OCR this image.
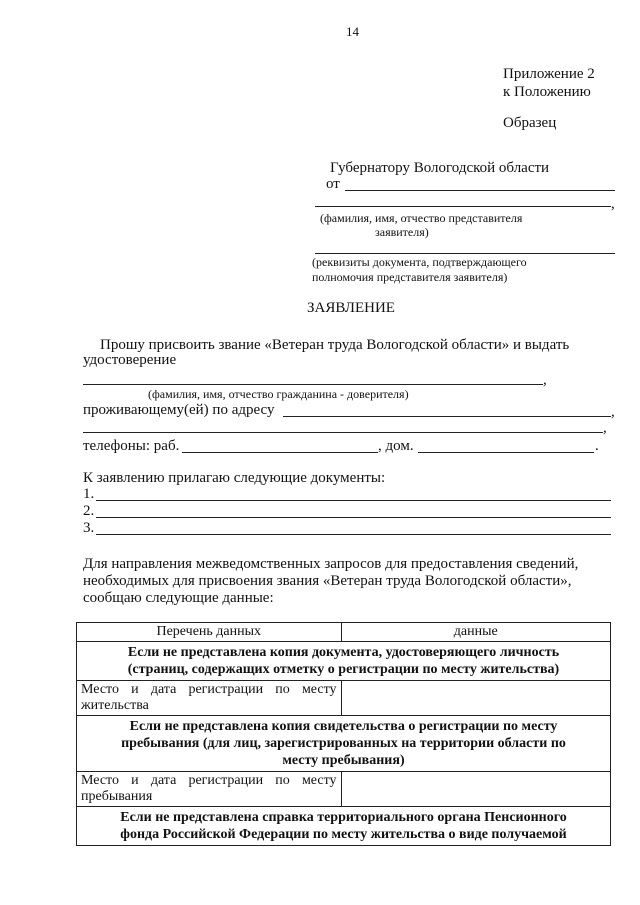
14
Приложение 2
к Положению
Образец
Губернатору Вологодской области
от
,
(фамилия, имя, отчество представителя
заявителя)
(реквизиты документа, подтверждающего
полномочия представителя заявителя)
ЗАЯВЛЕНИЕ
Прошу присвоить звание «Ветеран труда Вологодской области» и выдать
удостоверение
,
(фамилия, имя, отчество гражданина - доверителя)
проживающему(ей) по адресу	,
,
телефоны: раб.	, дом.	.
К заявлению прилагаю следующие документы:
1.
2.
3.
Для направления межведомственных запросов для предоставления сведений,
необходимых для присвоения звания «Ветеран труда Вологодской области»,
сообщаю следующие данные:
Перечень данных	данные

Если не представлена копия документа, удостоверяющего личность
(страниц, содержащих отметку о регистрации по месту жительства)	

Место и дата регистрации по месту
жительства	

Если не представлена копия свидетельства о регистрации по месту
пребывания (для лиц, зарегистрированных на территории области по
месту пребывания)	

Место и дата регистрации по месту
пребывания	

Если не представлена справка территориального органа Пенсионного
фонда Российской Федерации по месту жительства о виде получаемой	
